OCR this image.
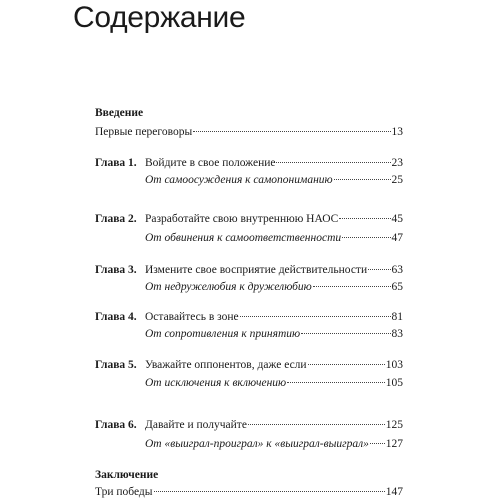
Содержание
Введение
Первые переговоры	13
Глава 1. Войдите в свое положение	23
От самоосуждения к самопониманию	25
Глава 2. Разработайте свою внутреннюю НАОС	45
От обвинения к самоответственности	47
Глава 3. Измените свое восприятие действительности 63
От недружелюбия к дружелюбию	65
Глава 4. Оставайтесь в зоне	81
От сопротивления к принятию	83
Глава 5. Уважайте оппонентов, даже если	103
От исключения к включению	105
Глава 6. Давайте и получайте	125
От «выиграл-проиграл» к «выиграл-выиграл» 127
Заключение
Три победы	147
